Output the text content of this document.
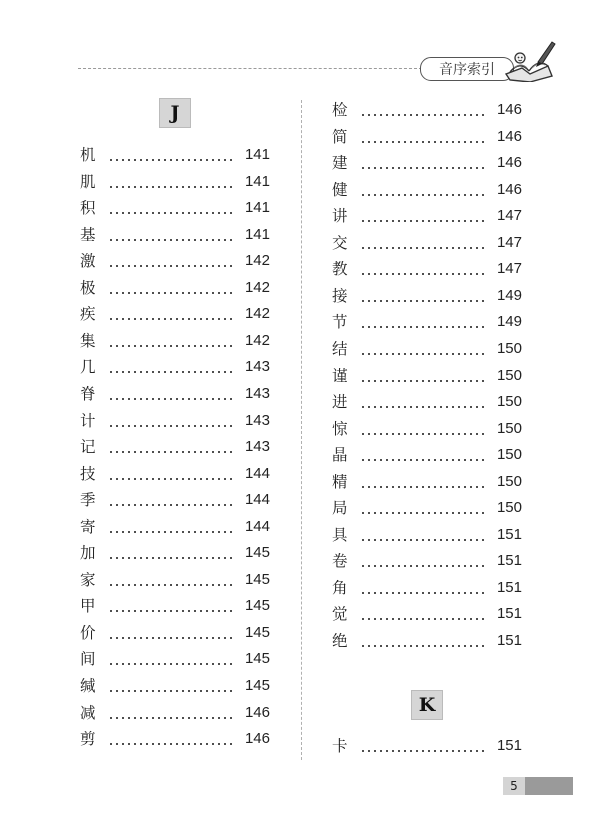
音序索引
J
K
机	141
肌	141
积	141
基	141
激	142
极	142
疾	142
集	142
几	143
脊	143
计	143
记	143
技	144
季	144
寄	144
加	145
家	145
甲	145
价	145
间	145
缄	145
减	146
剪	146
检	146
简	146
建	146
健	146
讲	147
交	147
教	147
接	149
节	149
结	150
谨	150
进	150
惊	150
晶	150
精	150
局	150
具	151
卷	151
角	151
觉	151
绝	151
卡	151
5
